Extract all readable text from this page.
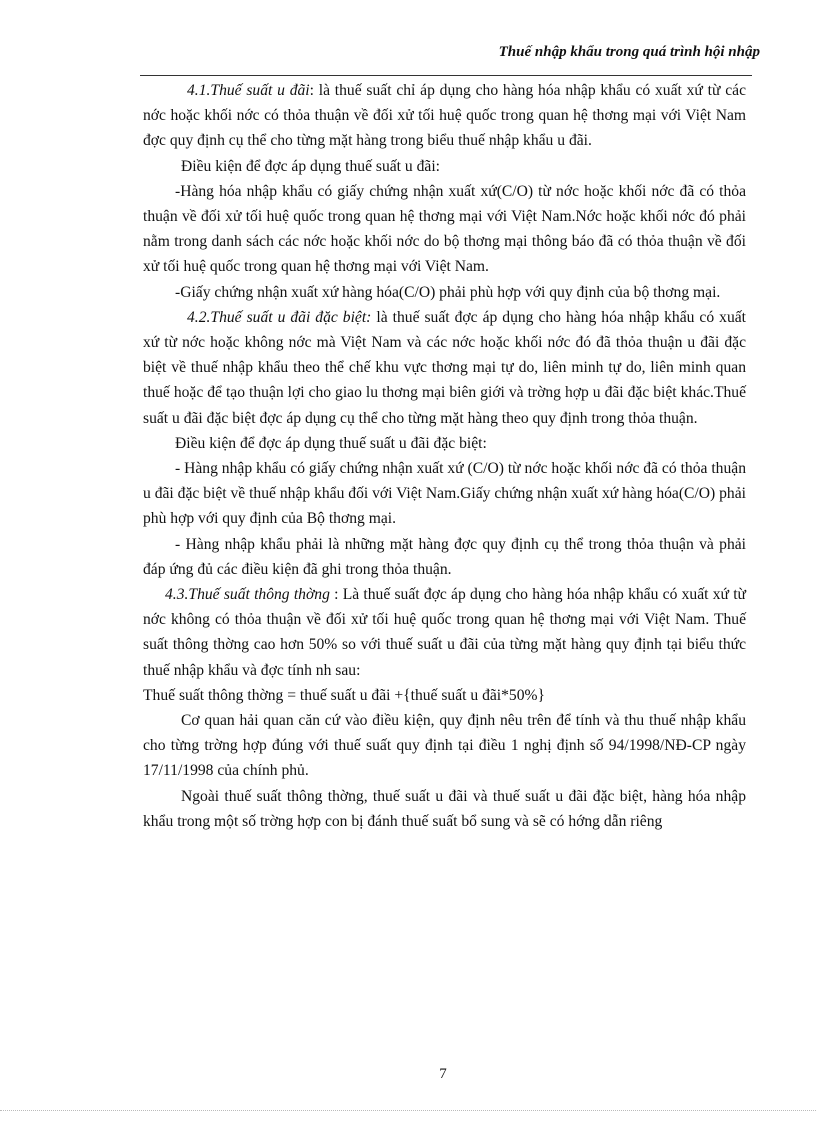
Thuế nhập khẩu trong quá trình hội nhập

4.1.Thuế suất u đãi: là thuế suất chỉ áp dụng cho hàng hóa nhập khẩu có xuất xứ từ các nớc hoặc khối nớc có thỏa thuận về đối xử tối huệ quốc trong quan hệ thơng mại với Việt Nam đợc quy định cụ thể cho từng mặt hàng trong biểu thuế nhập khẩu u đãi.

Điều kiện để đợc áp dụng thuế suất u đãi:

-Hàng hóa nhập khẩu có giấy chứng nhận xuất xứ(C/O) từ nớc hoặc khối nớc đã có thỏa thuận về đối xử tối huệ quốc trong quan hệ thơng mại với Việt Nam.Nớc hoặc khối nớc đó phải nằm trong danh sách các nớc hoặc khối nớc do bộ thơng mại thông báo đã có thỏa thuận về đối xử tối huệ quốc trong quan hệ thơng mại với Việt Nam.

-Giấy chứng nhận xuất xứ hàng hóa(C/O) phải phù hợp với quy định của bộ thơng mại.

4.2.Thuế suất u đãi đặc biệt: là thuế suất đợc áp dụng cho hàng hóa nhập khẩu có xuất xứ từ nớc hoặc không nớc mà Việt Nam và các nớc hoặc khối nớc đó đã thỏa thuận u đãi đặc biệt về thuế nhập khẩu theo thể chế khu vực thơng mại tự do, liên minh tự do, liên minh quan thuế hoặc để tạo thuận lợi cho giao lu thơng mại biên giới và trờng hợp u đãi đặc biệt khác.Thuế suất u đãi đặc biệt đợc áp dụng cụ thể cho từng mặt hàng theo quy định trong thỏa thuận.

Điều kiện để đợc áp dụng thuế suất u đãi đặc biệt:

- Hàng nhập khẩu có giấy chứng nhận xuất xứ (C/O) từ nớc hoặc khối nớc đã có thỏa thuận u đãi đặc biệt về thuế nhập khẩu đối với Việt Nam.Giấy chứng nhận xuất xứ hàng hóa(C/O) phải phù hợp với quy định của Bộ thơng mại.

- Hàng nhập khẩu phải là những mặt hàng đợc quy định cụ thể trong thỏa thuận và phải đáp ứng đủ các điều kiện đã ghi trong thỏa thuận.

4.3.Thuế suất thông thờng : Là thuế suất đợc áp dụng cho hàng hóa nhập khẩu có xuất xứ từ nớc không có thỏa thuận về đối xử tối huệ quốc trong quan hệ thơng mại với Việt Nam. Thuế suất thông thờng cao hơn 50% so với thuế suất u đãi của từng mặt hàng quy định tại biểu thức thuế nhập khẩu và đợc tính nh sau:

Thuế suất thông thờng = thuế suất u đãi +{thuế suất u đãi*50%}

Cơ quan hải quan căn cứ vào điều kiện, quy định nêu trên để tính và thu thuế nhập khẩu cho từng trờng hợp đúng với thuế suất quy định tại điều 1 nghị định số 94/1998/NĐ-CP ngày 17/11/1998 của chính phủ.

Ngoài thuế suất thông thờng, thuế suất u đãi và thuế suất u đãi đặc biệt, hàng hóa nhập khẩu trong một số trờng hợp con bị đánh thuế suất bổ sung và sẽ có hớng dẫn riêng

7
